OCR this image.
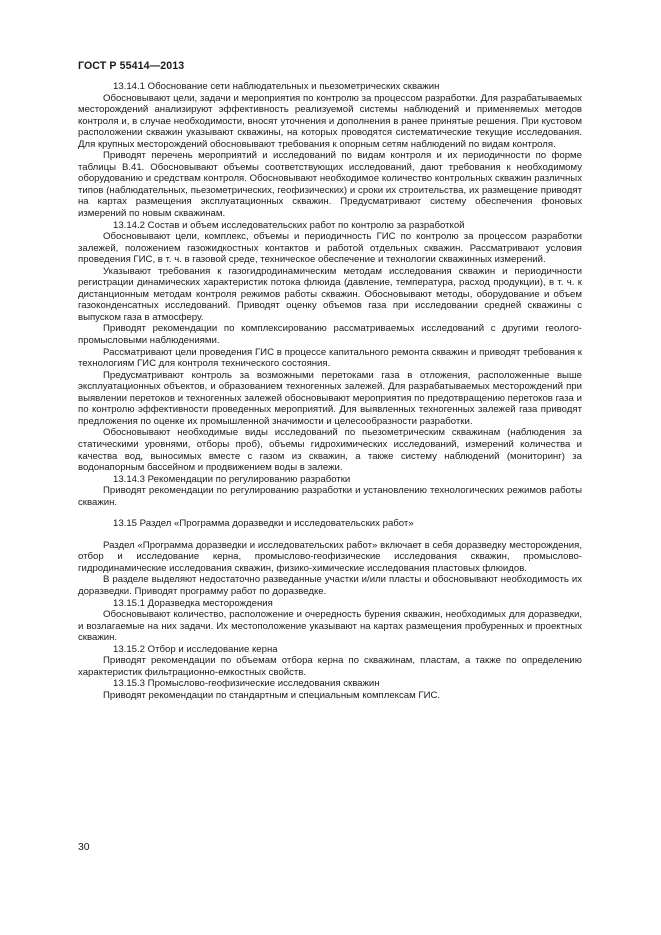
ГОСТ Р 55414—2013

13.14.1 Обоснование сети наблюдательных и пьезометрических скважин

Обосновывают цели, задачи и мероприятия по контролю за процессом разработки. Для разрабатываемых месторождений анализируют эффективность реализуемой системы наблюдений и применяемых методов контроля и, в случае необходимости, вносят уточнения и дополнения в ранее принятые решения. При кустовом расположении скважин указывают скважины, на которых проводятся систематические текущие исследования. Для крупных месторождений обосновывают требования к опорным сетям наблюдений по видам контроля.

Приводят перечень мероприятий и исследований по видам контроля и их периодичности по форме таблицы В.41. Обосновывают объемы соответствующих исследований, дают требования к необходимому оборудованию и средствам контроля. Обосновывают необходимое количество контрольных скважин различных типов (наблюдательных, пьезометрических, геофизических) и сроки их строительства, их размещение приводят на картах размещения эксплуатационных скважин. Предусматривают систему обеспечения фоновых измерений по новым скважинам.

13.14.2 Состав и объем исследовательских работ по контролю за разработкой

Обосновывают цели, комплекс, объемы и периодичность ГИС по контролю за процессом разработки залежей, положением газожидкостных контактов и работой отдельных скважин. Рассматривают условия проведения ГИС, в т. ч. в газовой среде, техническое обеспечение и технологии скважинных измерений.

Указывают требования к газогидродинамическим методам исследования скважин и периодичности регистрации динамических характеристик потока флюида (давление, температура, расход продукции), в т. ч. к дистанционным методам контроля режимов работы скважин. Обосновывают методы, оборудование и объем газоконденсатных исследований. Приводят оценку объемов газа при исследовании средней скважины с выпуском газа в атмосферу.

Приводят рекомендации по комплексированию рассматриваемых исследований с другими геолого-промысловыми наблюдениями.

Рассматривают цели проведения ГИС в процессе капитального ремонта скважин и приводят требования к технологиям ГИС для контроля технического состояния.

Предусматривают контроль за возможными перетоками газа в отложения, расположенные выше эксплуатационных объектов, и образованием техногенных залежей. Для разрабатываемых месторождений при выявлении перетоков и техногенных залежей обосновывают мероприятия по предотвращению перетоков газа и по контролю эффективности проведенных мероприятий. Для выявленных техногенных залежей газа приводят предложения по оценке их промышленной значимости и целесообразности разработки.

Обосновывают необходимые виды исследований по пьезометрическим скважинам (наблюдения за статическими уровнями, отборы проб), объемы гидрохимических исследований, измерений количества и качества вод, выносимых вместе с газом из скважин, а также систему наблюдений (мониторинг) за водонапорным бассейном и продвижением воды в залежи.

13.14.3 Рекомендации по регулированию разработки

Приводят рекомендации по регулированию разработки и установлению технологических режимов работы скважин.

13.15 Раздел «Программа доразведки и исследовательских работ»

Раздел «Программа доразведки и исследовательских работ» включает в себя доразведку месторождения, отбор и исследование керна, промыслово-геофизические исследования скважин, промыслово-гидродинамические исследования скважин, физико-химические исследования пластовых флюидов.

В разделе выделяют недостаточно разведанные участки и/или пласты и обосновывают необходимость их доразведки. Приводят программу работ по доразведке.

13.15.1 Доразведка месторождения

Обосновывают количество, расположение и очередность бурения скважин, необходимых для доразведки, и возлагаемые на них задачи. Их местоположение указывают на картах размещения пробуренных и проектных скважин.

13.15.2 Отбор и исследование керна

Приводят рекомендации по объемам отбора керна по скважинам, пластам, а также по определению характеристик фильтрационно-емкостных свойств.

13.15.3 Промыслово-геофизические исследования скважин

Приводят рекомендации по стандартным и специальным комплексам ГИС.

30
